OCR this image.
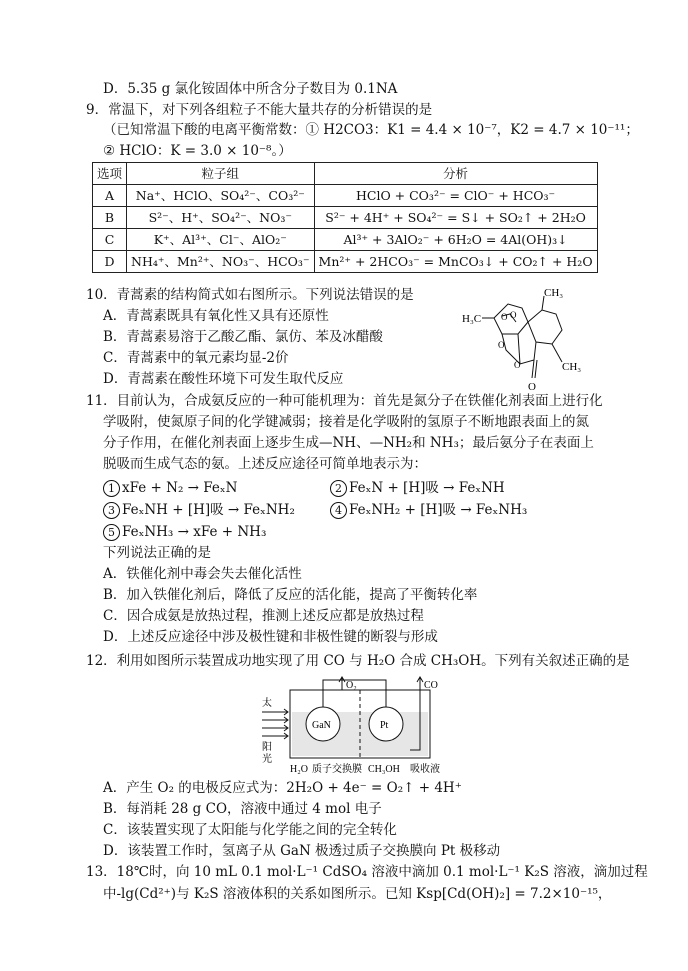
D．5.35 g 氯化铵固体中所含分子数目为 0.1NA
9．常温下，对下列各组粒子不能大量共存的分析错误的是
（已知常温下酸的电离平衡常数：① H2CO3：K1 = 4.4 × 10⁻⁷，K2 = 4.7 × 10⁻¹¹；
② HClO：K = 3.0 × 10⁻⁸。）
选项	粒子组	分析
A	Na⁺、HClO、SO₄²⁻、CO₃²⁻	HClO + CO₃²⁻ = ClO⁻ + HCO₃⁻
B	S²⁻、H⁺、SO₄²⁻、NO₃⁻	S²⁻ + 4H⁺ + SO₄²⁻ = S↓ + SO₂↑ + 2H₂O
C	K⁺、Al³⁺、Cl⁻、AlO₂⁻	Al³⁺ + 3AlO₂⁻ + 6H₂O = 4Al(OH)₃↓
D	NH₄⁺、Mn²⁺、NO₃⁻、HCO₃⁻	Mn²⁺ + 2HCO₃⁻ = MnCO₃↓ + CO₂↑ + H₂O
10．青蒿素的结构简式如右图所示。下列说法错误的是
A．青蒿素既具有氧化性又具有还原性
B．青蒿素易溶于乙酸乙酯、氯仿、苯及冰醋酸
C．青蒿素中的氧元素均显-2价
D．青蒿素在酸性环境下可发生取代反应
CH₃
H₃C
CH₃
O O
O
O
O
11．目前认为，合成氨反应的一种可能机理为：首先是氮分子在铁催化剂表面上进行化
学吸附，使氮原子间的化学键减弱；接着是化学吸附的氢原子不断地跟表面上的氮
分子作用，在催化剂表面上逐步生成—NH、—NH₂和 NH₃；最后氨分子在表面上
脱吸而生成气态的氨。上述反应途径可简单地表示为：
1 xFe + N₂ → FeₓN	2 FeₓN + [H]吸 → FeₓNH
3 FeₓNH + [H]吸 → FeₓNH₂	4 FeₓNH₂ + [H]吸 → FeₓNH₃
5 FeₓNH₃ → xFe + NH₃
下列说法正确的是
A．铁催化剂中毒会失去催化活性
B．加入铁催化剂后，降低了反应的活化能，提高了平衡转化率
C．因合成氨是放热过程，推测上述反应都是放热过程
D．上述反应途径中涉及极性键和非极性键的断裂与形成
12．利用如图所示装置成功地实现了用 CO 与 H₂O 合成 CH₃OH。下列有关叙述正确的是
O₂	CO
太
阳
光
GaN	Pt
H₂O 质子交换膜 CH₃OH 吸收液
A．产生 O₂ 的电极反应式为：2H₂O + 4e⁻ = O₂↑ + 4H⁺
B．每消耗 28 g CO，溶液中通过 4 mol 电子
C．该装置实现了太阳能与化学能之间的完全转化
D．该装置工作时，氢离子从 GaN 极透过质子交换膜向 Pt 极移动
13．18℃时，向 10 mL 0.1 mol·L⁻¹ CdSO₄ 溶液中滴加 0.1 mol·L⁻¹ K₂S 溶液，滴加过程
中-lg(Cd²⁺)与 K₂S 溶液体积的关系如图所示。已知 Ksp[Cd(OH)₂] = 7.2×10⁻¹⁵，
